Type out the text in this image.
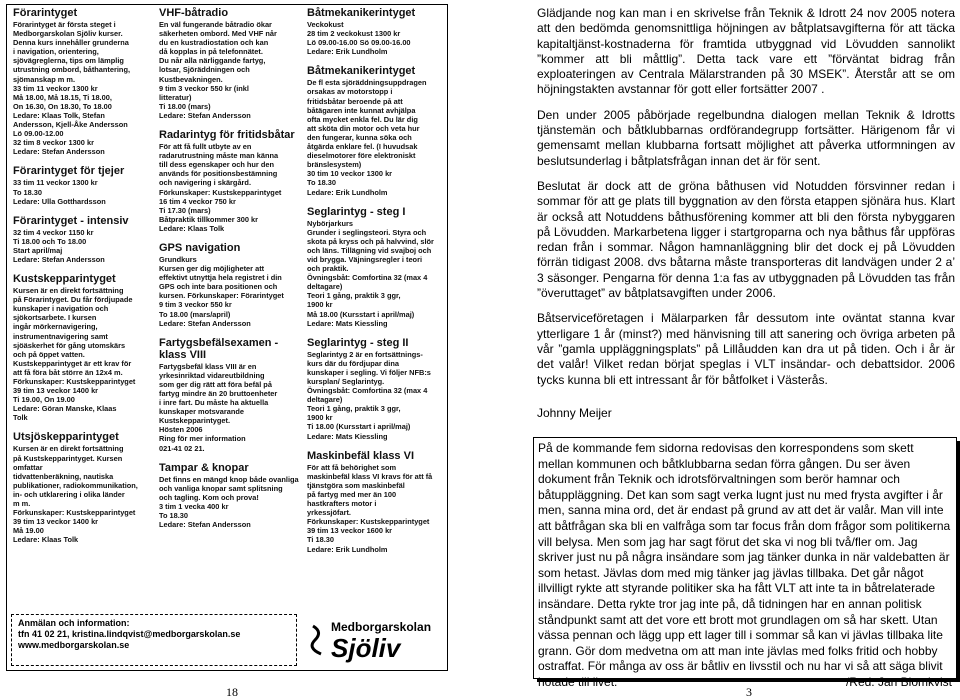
Förarintyget
Förarintyget är första steget i
Medborgarskolan Sjöliv kurser.
Denna kurs innehåller grunderna
i navigation, orientering,
sjövägreglerna, tips om lämplig
utrustning ombord, båthantering,
sjömanskap m m.
33 tim 11 veckor 1300 kr
Må 18.00, Må 18.15, Ti 18.00,
On 16.30, On 18.30, To 18.00
Ledare: Klaas Tolk, Stefan
Andersson, Kjell-Åke Andersson
Lö 09.00-12.00
32 tim 8 veckor 1300 kr
Ledare: Stefan Andersson
Förarintyget för tjejer
33 tim 11 veckor 1300 kr
To 18.30
Ledare: Ulla Gotthardsson
Förarintyget - intensiv
32 tim 4 veckor 1150 kr
Ti 18.00 och To 18.00
Start april/maj
Ledare: Stefan Andersson
Kustskepparintyget
Kursen är en direkt fortsättning
på Förarintyget. Du får fördjupade
kunskaper i navigation och
sjökortsarbete. I kursen
ingår mörkernavigering,
instrumentnavigering samt
sjöäskerhet för gång utomskärs
och på öppet vatten.
Kustskepparintyget är ett krav för
att få föra båt större än 12x4 m.
Förkunskaper: Kustskepparintyget
39 tim 13 veckor 1400 kr
Ti 19.00, On 19.00
Ledare: Göran Manske, Klaas
Tolk
Utsjöskepparintyget
Kursen är en direkt fortsättning
på Kustskepparintyget. Kursen omfattar
tidvattenberäkning, nautiska
publikationer, radiokommunikation,
in- och utklarering i olika länder
m m.
Förkunskaper: Kustskepparintyget
39 tim 13 veckor 1400 kr
Må 19.00
Ledare: Klaas Tolk
VHF-båtradio
En väl fungerande båtradio ökar
säkerheten ombord. Med VHF når
du en kustradiostation och kan
då kopplas in på telefonnätet.
Du når alla närliggande fartyg,
lotsar, Sjöräddningen och
Kustbevakningen.
9 tim 3 veckor 550 kr (inkl
litteratur)
Ti 18.00 (mars)
Ledare: Stefan Andersson
Radarintyg för fritidsbåtar
För att få fullt utbyte av en
radarutrustning måste man känna
till dess egenskaper och hur den
används för positionsbestämning
och navigering i skärgård.
Förkunskaper: Kustskepparintyget
16 tim 4 veckor 750 kr
Ti 17.30 (mars)
Båtpraktik tillkommer 300 kr
Ledare: Klaas Tolk
GPS navigation
Grundkurs
Kursen ger dig möjligheter att
effektivt utnyttja hela registret i din
GPS och inte bara positionen och
kursen. Förkunskaper: Förarintyget
9 tim 3 veckor 550 kr
To 18.00 (mars/april)
Ledare: Stefan Andersson
Fartygsbefälsexamen - klass VIII
Fartygsbefäl klass VIII är en
yrkesinriktad vidareutbildning
som ger dig rätt att föra befäl på
fartyg mindre än 20 bruttoenheter
i inre fart. Du måste ha aktuella
kunskaper motsvarande
Kustskepparintyget.
Hösten 2006
Ring för mer information
021-41 02 21.
Tampar & knopar
Det finns en mängd knop både ovanliga
och vanliga knopar samt splitsning
och tagling. Kom och prova!
3 tim 1 vecka 400 kr
To 18.30
Ledare: Stefan Andersson
Båtmekanikerintyget
Veckokust
28 tim 2 veckokust 1300 kr
Lö 09.00-16.00 Sö 09.00-16.00
Ledare: Erik Lundholm
Båtmekanikerintyget
De fl esta sjöräddningsuppdragen
orsakas av motorstopp i
fritidsbåtar beroende på att
båtägaren inte kunnat avhjälpa
ofta mycket enkla fel. Du lär dig
att sköta din motor och veta hur
den fungerar, kunna söka och
åtgärda enklare fel. (I huvudsak
dieselmotorer före elektroniskt
bränslesystem)
30 tim 10 veckor 1300 kr
To 18.30
Ledare: Erik Lundholm
Seglarintyg - steg I
Nybörjarkurs
Grunder i seglingsteori. Styra och
skota på kryss och på halvvind, slör
och läns. Tillägning vid svajboj och
vid brygga. Väjningsregler i teori
och praktik.
Övningsbåt: Comfortina 32 (max 4
deltagare)
Teori 1 gång, praktik 3 ggr,
1900 kr
Må 18.00 (Kursstart i april/maj)
Ledare: Mats Kiessling
Seglarintyg - steg II
Seglarintyg 2 är en fortsättnings-
kurs där du fördjupar dina
kunskaper i segling. Vi följer NFB:s
kursplan/ Seglarintyg.
Övningsbåt: Comfortina 32 (max 4
deltagare)
Teori 1 gång, praktik 3 ggr,
1900 kr
Ti 18.00 (Kursstart i april/maj)
Ledare: Mats Kiessling
Maskinbefäl klass VI
För att få behörighet som
maskinbefäl klass VI kravs för att få
tjänstgöra som maskinbefäl
på fartyg med mer än 100
hastkrafters motor i
yrkessjöfart.
Förkunskaper: Kustskepparintyget
39 tim 13 veckor 1600 kr
Ti 18.30
Ledare: Erik Lundholm
Anmälan och information:
tfn 41 02 21, kristina.lindqvist@medborgarskolan.se
www.medborgarskolan.se
Medborgarskolan
Sjöliv
18

Glädjande nog kan man i en skrivelse från Teknik & Idrott 24 nov 2005 notera att den bedömda genomsnittliga höjningen av båtplatsavgifterna för att täcka kapitaltjänst-kostnaderna för framtida utbyggnad vid Lövudden sannolikt ”kommer att bli måttlig”. Detta tack vare ett ”förväntat bidrag från exploateringen av Centrala Mälarstranden på 30 MSEK”. Återstår att se om höjningstakten avstannar för gott eller fortsätter 2007 .

Den under 2005 påbörjade regelbundna dialogen mellan Teknik & Idrotts tjänstemän och båtklubbarnas ordförandegrupp fortsätter. Härigenom får vi gemensamt mellan klubbarna fortsatt möjlighet att påverka utformningen av beslutsunderlag i båtplatsfrågan innan det är för sent.

Beslutat är dock att de gröna båthusen vid Notudden försvinner redan i sommar för att ge plats till byggnation av den första etappen sjönära hus. Klart är också att Notuddens båthusförening kommer att bli den första nybyggaren på Lövudden. Markarbetena ligger i startgroparna och nya båthus får uppföras redan från i sommar. Någon hamnanläggning blir det dock ej på Lövudden förrän tidigast 2008. dvs båtarna måste transporteras dit landvägen under 2 a’ 3 säsonger. Pengarna för denna 1:a fas av utbyggnaden på Lövudden tas från ”överuttaget” av båtplatsavgiften under 2006.

Båtserviceföretagen i Mälarparken får dessutom inte oväntat stanna kvar ytterligare 1 år (minst?) med hänvisning till att sanering och övriga arbeten på vår ”gamla uppläggningsplats” på Lillåudden kan dra ut på tiden. Och i år är det valår! Vilket redan börjat speglas i VLT insändar- och debattsidor. 2006 tycks kunna bli ett intressant år för båtfolket i Västerås.

Johnny Meijer

På de kommande fem sidorna redovisas den korrespondens som skett mellan kommunen och båtklubbarna sedan förra gången. Du ser även dokument från Teknik och idrotsförvaltningen som berör hamnar och båtuppläggning. Det kan som sagt verka lugnt just nu med frysta avgifter i år men, sanna mina ord, det är endast på grund av att det är valår. Man vill inte att båtfrågan ska bli en valfråga som tar focus från dom frågor som politikerna vill belysa. Men som jag har sagt förut det ska vi nog bli två/fler om. Jag skriver just nu på några insändare som jag tänker dunka in när valdebatten är som hetast. Jävlas dom med mig tänker jag jävlas tillbaka. Det går något illvilligt rykte att styrande politiker ska ha fått VLT att inte ta in båtrelaterade insändare. Detta rykte tror jag inte på, då tidningen har en annan politisk ståndpunkt samt att det vore ett brott mot grundlagen om så har skett. Utan vässa pennan och lägg upp ett lager till i sommar så kan vi jävlas tillbaka lite grann. Gör dom medvetna om att man inte jävlas med folks fritid och hobby ostraffat. För många av oss är båtliv en livsstil och nu har vi så att säga blivit
3
